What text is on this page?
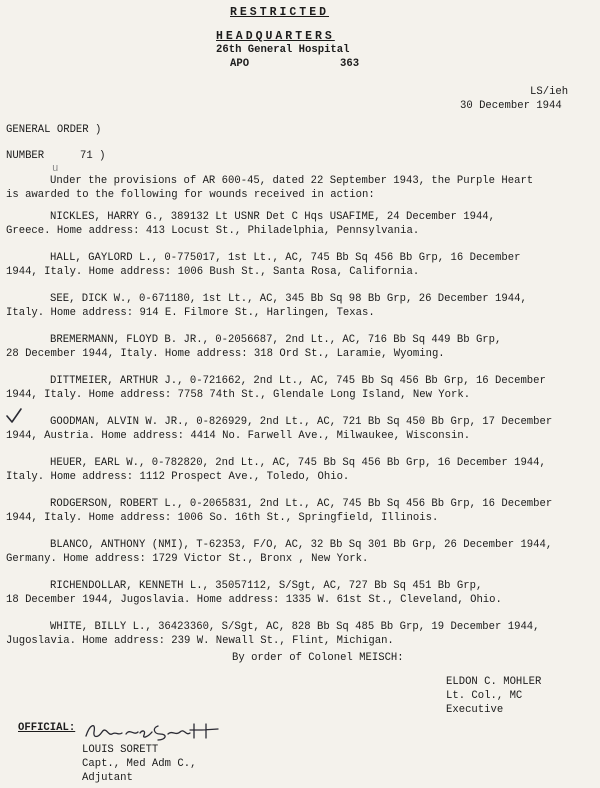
RESTRICTED
HEADQUARTERS
26th General Hospital
APO	363
LS/ieh
30 December 1944
GENERAL ORDER )
NUMBER	71 )
u
Under the provisions of AR 600-45, dated 22 September 1943, the Purple Heart
is awarded to the following for wounds received in action:
NICKLES, HARRY G., 389132 Lt USNR Det C Hqs USAFIME, 24 December 1944,
Greece. Home address: 413 Locust St., Philadelphia, Pennsylvania.
HALL, GAYLORD L., 0-775017, 1st Lt., AC, 745 Bb Sq 456 Bb Grp, 16 December
1944, Italy. Home address: 1006 Bush St., Santa Rosa, California.
SEE, DICK W., 0-671180, 1st Lt., AC, 345 Bb Sq 98 Bb Grp, 26 December 1944,
Italy. Home address: 914 E. Filmore St., Harlingen, Texas.
BREMERMANN, FLOYD B. JR., 0-2056687, 2nd Lt., AC, 716 Bb Sq 449 Bb Grp,
28 December 1944, Italy. Home address: 318 Ord St., Laramie, Wyoming.
DITTMEIER, ARTHUR J., 0-721662, 2nd Lt., AC, 745 Bb Sq 456 Bb Grp, 16 December
1944, Italy. Home address: 7758 74th St., Glendale Long Island, New York.
GOODMAN, ALVIN W. JR., 0-826929, 2nd Lt., AC, 721 Bb Sq 450 Bb Grp, 17 December
1944, Austria. Home address: 4414 No. Farwell Ave., Milwaukee, Wisconsin.
HEUER, EARL W., 0-782820, 2nd Lt., AC, 745 Bb Sq 456 Bb Grp, 16 December 1944,
Italy. Home address: 1112 Prospect Ave., Toledo, Ohio.
RODGERSON, ROBERT L., 0-2065831, 2nd Lt., AC, 745 Bb Sq 456 Bb Grp, 16 December
1944, Italy. Home address: 1006 So. 16th St., Springfield, Illinois.
BLANCO, ANTHONY (NMI), T-62353, F/O, AC, 32 Bb Sq 301 Bb Grp, 26 December 1944,
Germany. Home address: 1729 Victor St., Bronx , New York.
RICHENDOLLAR, KENNETH L., 35057112, S/Sgt, AC, 727 Bb Sq 451 Bb Grp,
18 December 1944, Jugoslavia. Home address: 1335 W. 61st St., Cleveland, Ohio.
WHITE, BILLY L., 36423360, S/Sgt, AC, 828 Bb Sq 485 Bb Grp, 19 December 1944,
Jugoslavia. Home address: 239 W. Newall St., Flint, Michigan.
By order of Colonel MEISCH:
ELDON C. MOHLER
Lt. Col., MC
Executive
OFFICIAL:
LOUIS SORETT
Capt., Med Adm C.,
Adjutant
